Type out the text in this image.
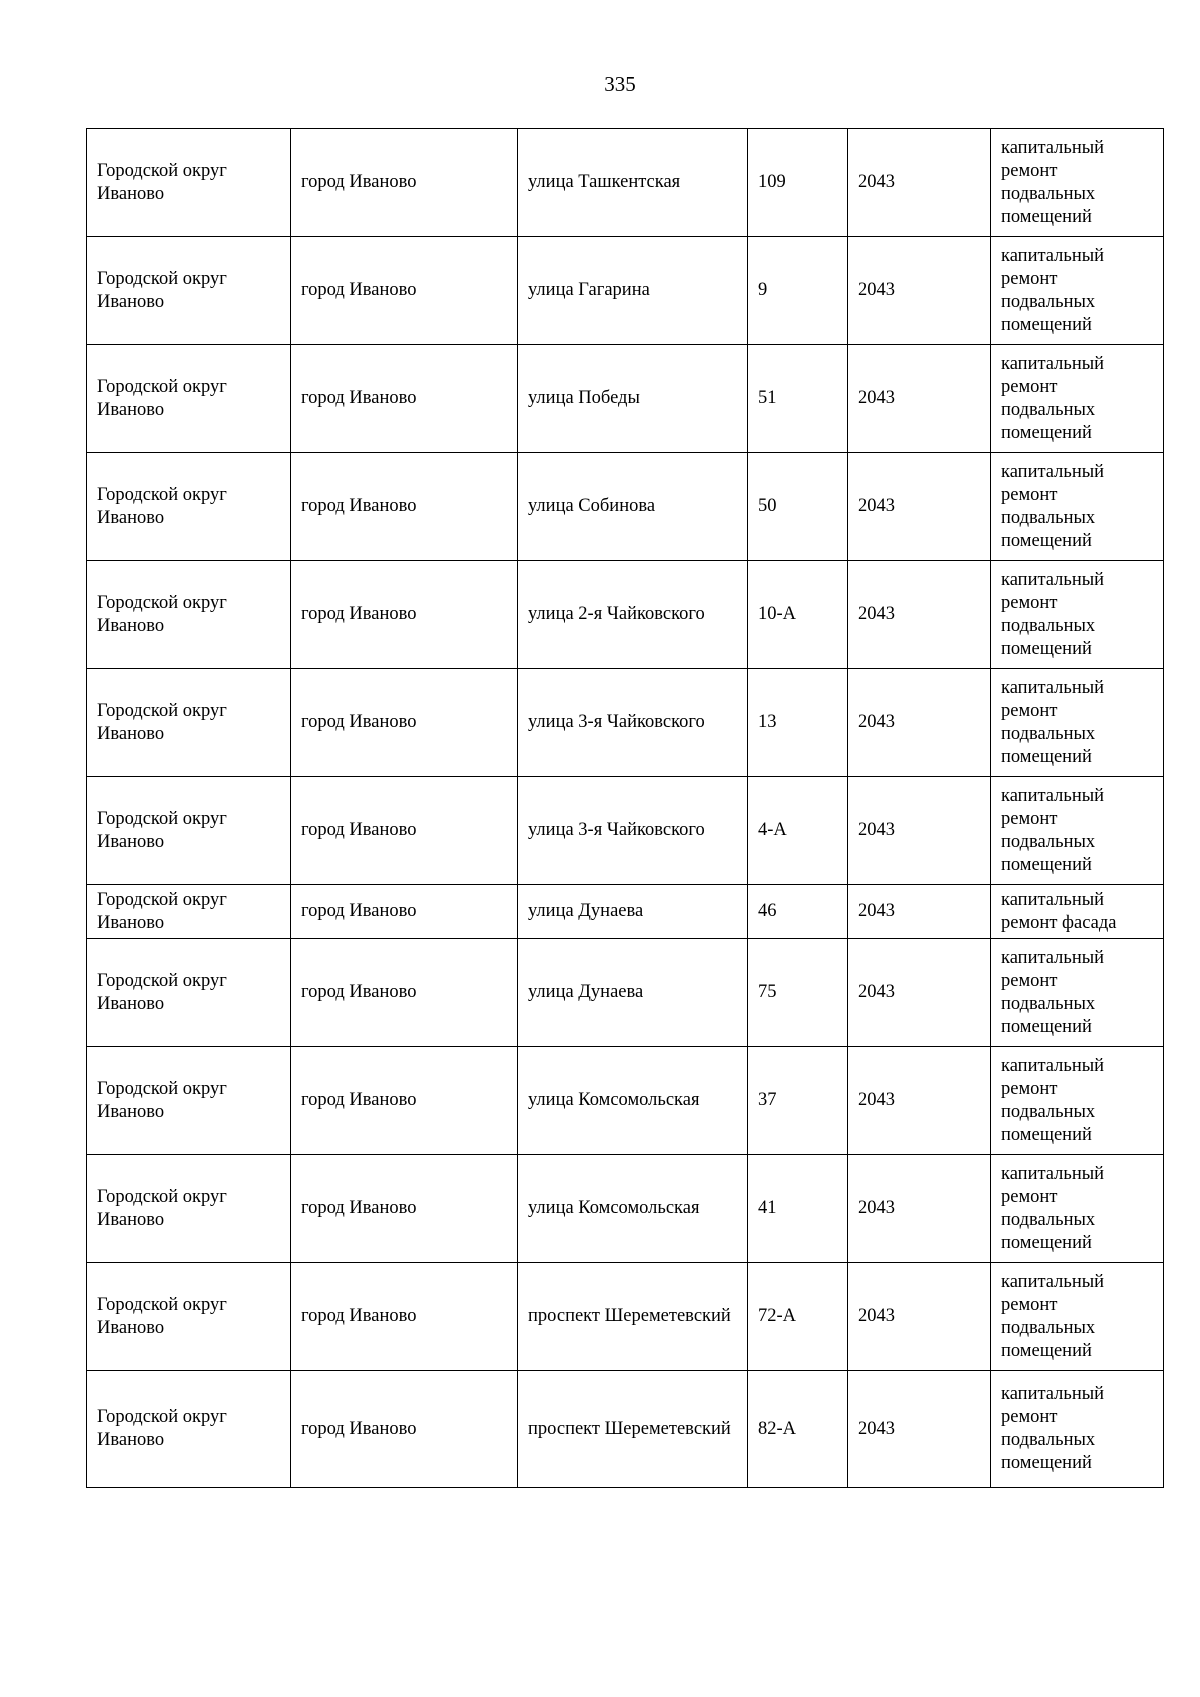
335
Городской округ Иваново	город Иваново	улица Ташкентская	109	2043	капитальный ремонт подвальных помещений
Городской округ Иваново	город Иваново	улица Гагарина	9	2043	капитальный ремонт подвальных помещений
Городской округ Иваново	город Иваново	улица Победы	51	2043	капитальный ремонт подвальных помещений
Городской округ Иваново	город Иваново	улица Собинова	50	2043	капитальный ремонт подвальных помещений
Городской округ Иваново	город Иваново	улица 2-я Чайковского	10-А	2043	капитальный ремонт подвальных помещений
Городской округ Иваново	город Иваново	улица 3-я Чайковского	13	2043	капитальный ремонт подвальных помещений
Городской округ Иваново	город Иваново	улица 3-я Чайковского	4-А	2043	капитальный ремонт подвальных помещений
Городской округ Иваново	город Иваново	улица Дунаева	46	2043	капитальный ремонт фасада
Городской округ Иваново	город Иваново	улица Дунаева	75	2043	капитальный ремонт подвальных помещений
Городской округ Иваново	город Иваново	улица Комсомольская	37	2043	капитальный ремонт подвальных помещений
Городской округ Иваново	город Иваново	улица Комсомольская	41	2043	капитальный ремонт подвальных помещений
Городской округ Иваново	город Иваново	проспект Шереметевский	72-А	2043	капитальный ремонт подвальных помещений
Городской округ Иваново	город Иваново	проспект Шереметевский	82-А	2043	капитальный ремонт подвальных помещений
